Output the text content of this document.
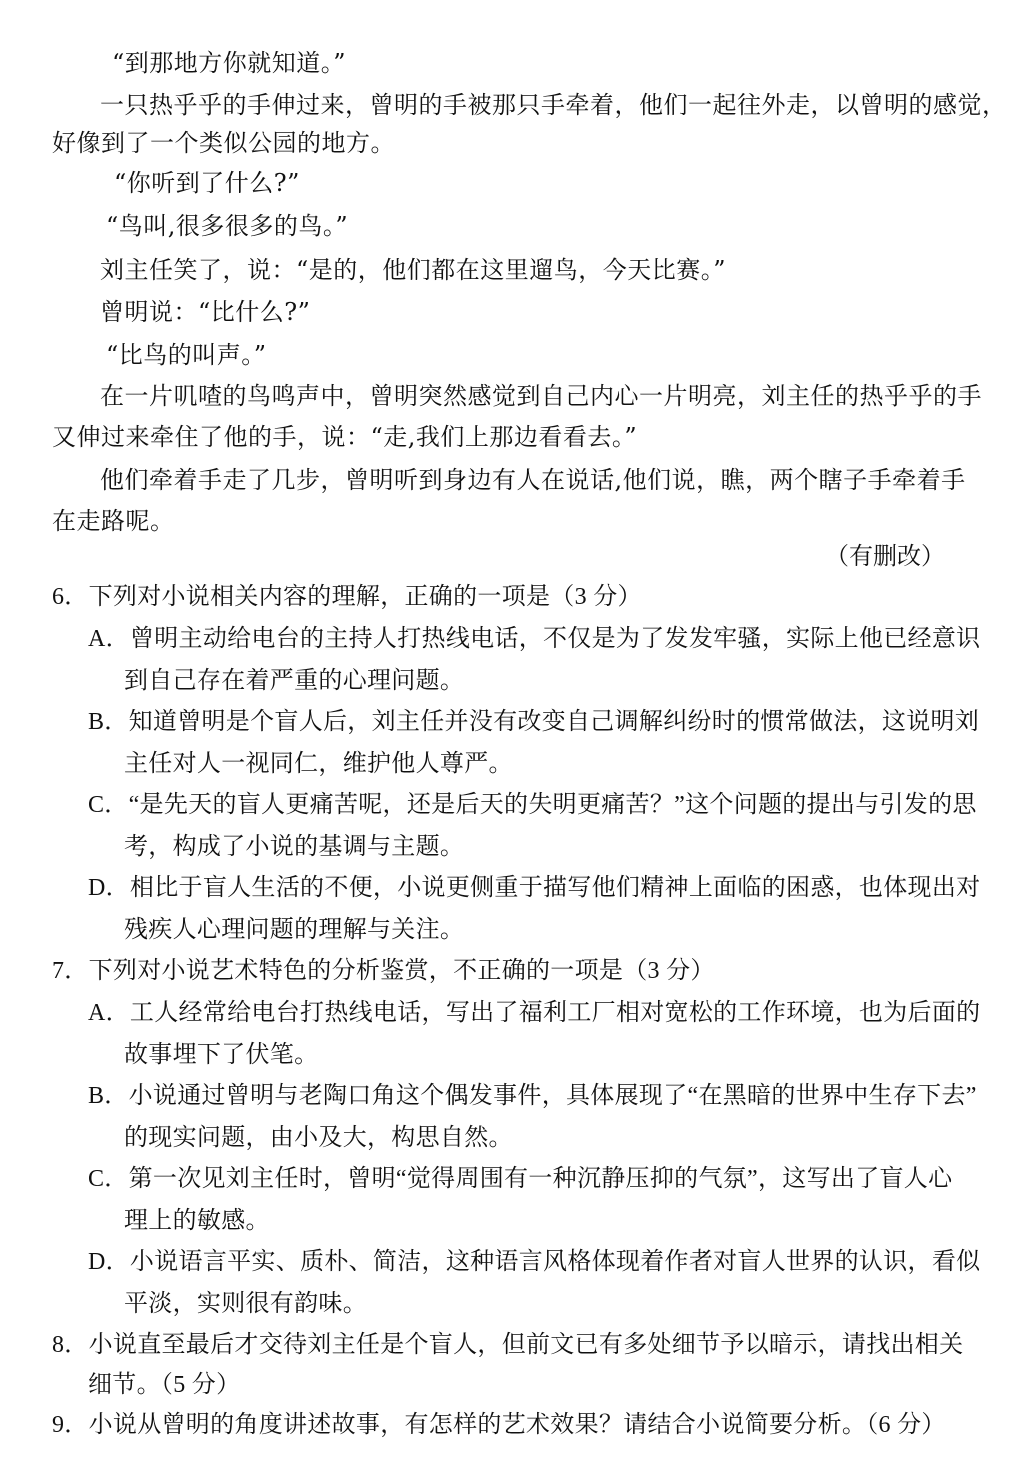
“到那地方你就知道。”
一只热乎乎的手伸过来，曾明的手被那只手牵着，他们一起往外走，以曾明的感觉，
好像到了一个类似公园的地方。
“你听到了什么?”
“鸟叫,很多很多的鸟。”
刘主任笑了，说：“是的，他们都在这里遛鸟，今天比赛。”
曾明说：“比什么?”
“比鸟的叫声。”
在一片叽喳的鸟鸣声中，曾明突然感觉到自己内心一片明亮，刘主任的热乎乎的手
又伸过来牵住了他的手，说：“走,我们上那边看看去。”
他们牵着手走了几步，曾明听到身边有人在说话,他们说，瞧，两个瞎子手牵着手
在走路呢。
（有删改）
6．下列对小说相关内容的理解，正确的一项是（3 分）
A．曾明主动给电台的主持人打热线电话，不仅是为了发发牢骚，实际上他已经意识
到自己存在着严重的心理问题。
B．知道曾明是个盲人后，刘主任并没有改变自己调解纠纷时的惯常做法，这说明刘
主任对人一视同仁，维护他人尊严。
C．“是先天的盲人更痛苦呢，还是后天的失明更痛苦？”这个问题的提出与引发的思
考，构成了小说的基调与主题。
D．相比于盲人生活的不便，小说更侧重于描写他们精神上面临的困惑，也体现出对
残疾人心理问题的理解与关注。
7．下列对小说艺术特色的分析鉴赏，不正确的一项是（3 分）
A．工人经常给电台打热线电话，写出了福利工厂相对宽松的工作环境，也为后面的
故事埋下了伏笔。
B．小说通过曾明与老陶口角这个偶发事件，具体展现了“在黑暗的世界中生存下去”
的现实问题，由小及大，构思自然。
C．第一次见刘主任时，曾明“觉得周围有一种沉静压抑的气氛”，这写出了盲人心
理上的敏感。
D．小说语言平实、质朴、简洁，这种语言风格体现着作者对盲人世界的认识，看似
平淡，实则很有韵味。
8．小说直至最后才交待刘主任是个盲人，但前文已有多处细节予以暗示，请找出相关
细节。（5 分）
9．小说从曾明的角度讲述故事，有怎样的艺术效果？请结合小说简要分析。（6 分）
